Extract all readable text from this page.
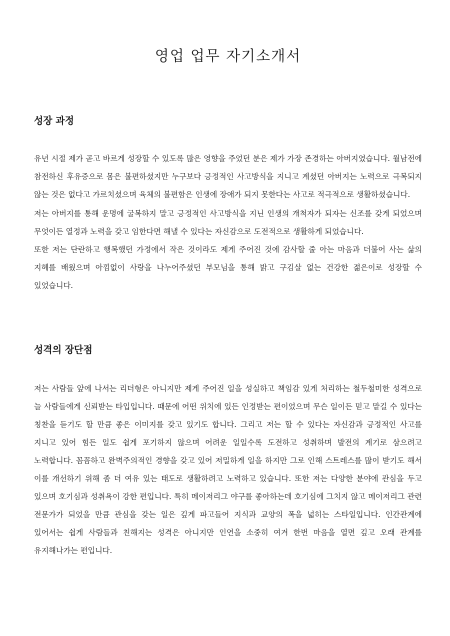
영업 업무 자기소개서
성장 과정

유년 시절 제가 곧고 바르게 성장할 수 있도록 많은 영향을 주었던 분은 제가 가장 존경하는 아버지였습니다. 월남전에 참전하신 후유증으로 몸은 불편하셨지만 누구보다 긍정적인 사고방식을 지니고 계셨던 아버지는 노력으로 극복되지 않는 것은 없다고 가르치셨으며 육체의 불편함은 인생에 장애가 되지 못한다는 사고로 적극적으로 생활하셨습니다.

저는 아버지를 통해 운명에 굴복하지 말고 긍정적인 사고방식을 지닌 인생의 개척자가 되자는 신조를 갖게 되었으며 무엇이든 열정과 노력을 갖고 임한다면 해낼 수 있다는 자신감으로 도전적으로 생활하게 되었습니다.

또한 저는 단란하고 행복했던 가정에서 작은 것이라도 제게 주어진 것에 감사할 줄 아는 마음과 더불어 사는 삶의 지혜를 배웠으며 아낌없이 사랑을 나누어주셨던 부모님을 통해 밝고 구김살 없는 건강한 젊은이로 성장할 수 있었습니다.

성격의 장단점

저는 사람들 앞에 나서는 리더형은 아니지만 제게 주어진 일을 성실하고 책임감 있게 처리하는 철두철미한 성격으로 늘 사람들에게 신뢰받는 타입입니다. 때문에 어떤 위치에 있든 인정받는 편이었으며 무슨 일이든 믿고 맡길 수 있다는 칭찬을 듣기도 할 만큼 좋은 이미지를 갖고 있기도 합니다. 그리고 저는 할 수 있다는 자신감과 긍정적인 사고를 지니고 있어 힘든 일도 쉽게 포기하지 않으며 어려운 일일수록 도전하고 성취하며 발전의 계기로 삼으려고 노력합니다. 꼼꼼하고 완벽주의적인 경향을 갖고 있어 저밀하게 일을 하지만 그로 인해 스트레스를 많이 받기도 해서 이를 개선하기 위해 좀 더 여유 있는 태도로 생활하려고 노력하고 있습니다. 또한 저는 다양한 분야에 관심을 두고 있으며 호기심과 성취욕이 강한 편입니다. 특히 메이저리그 야구를 좋아하는데 호기심에 그치지 않고 메이저리그 관련 전문가가 되었을 만큼 관심을 갖는 일은 깊게 파고들어 지식과 교양의 폭을 넓히는 스타일입니다. 인간관계에 있어서는 쉽게 사람들과 친해지는 성격은 아니지만 인연을 소중히 여겨 한번 마음을 열면 깊고 오래 관계를 유지해나가는 편입니다.
